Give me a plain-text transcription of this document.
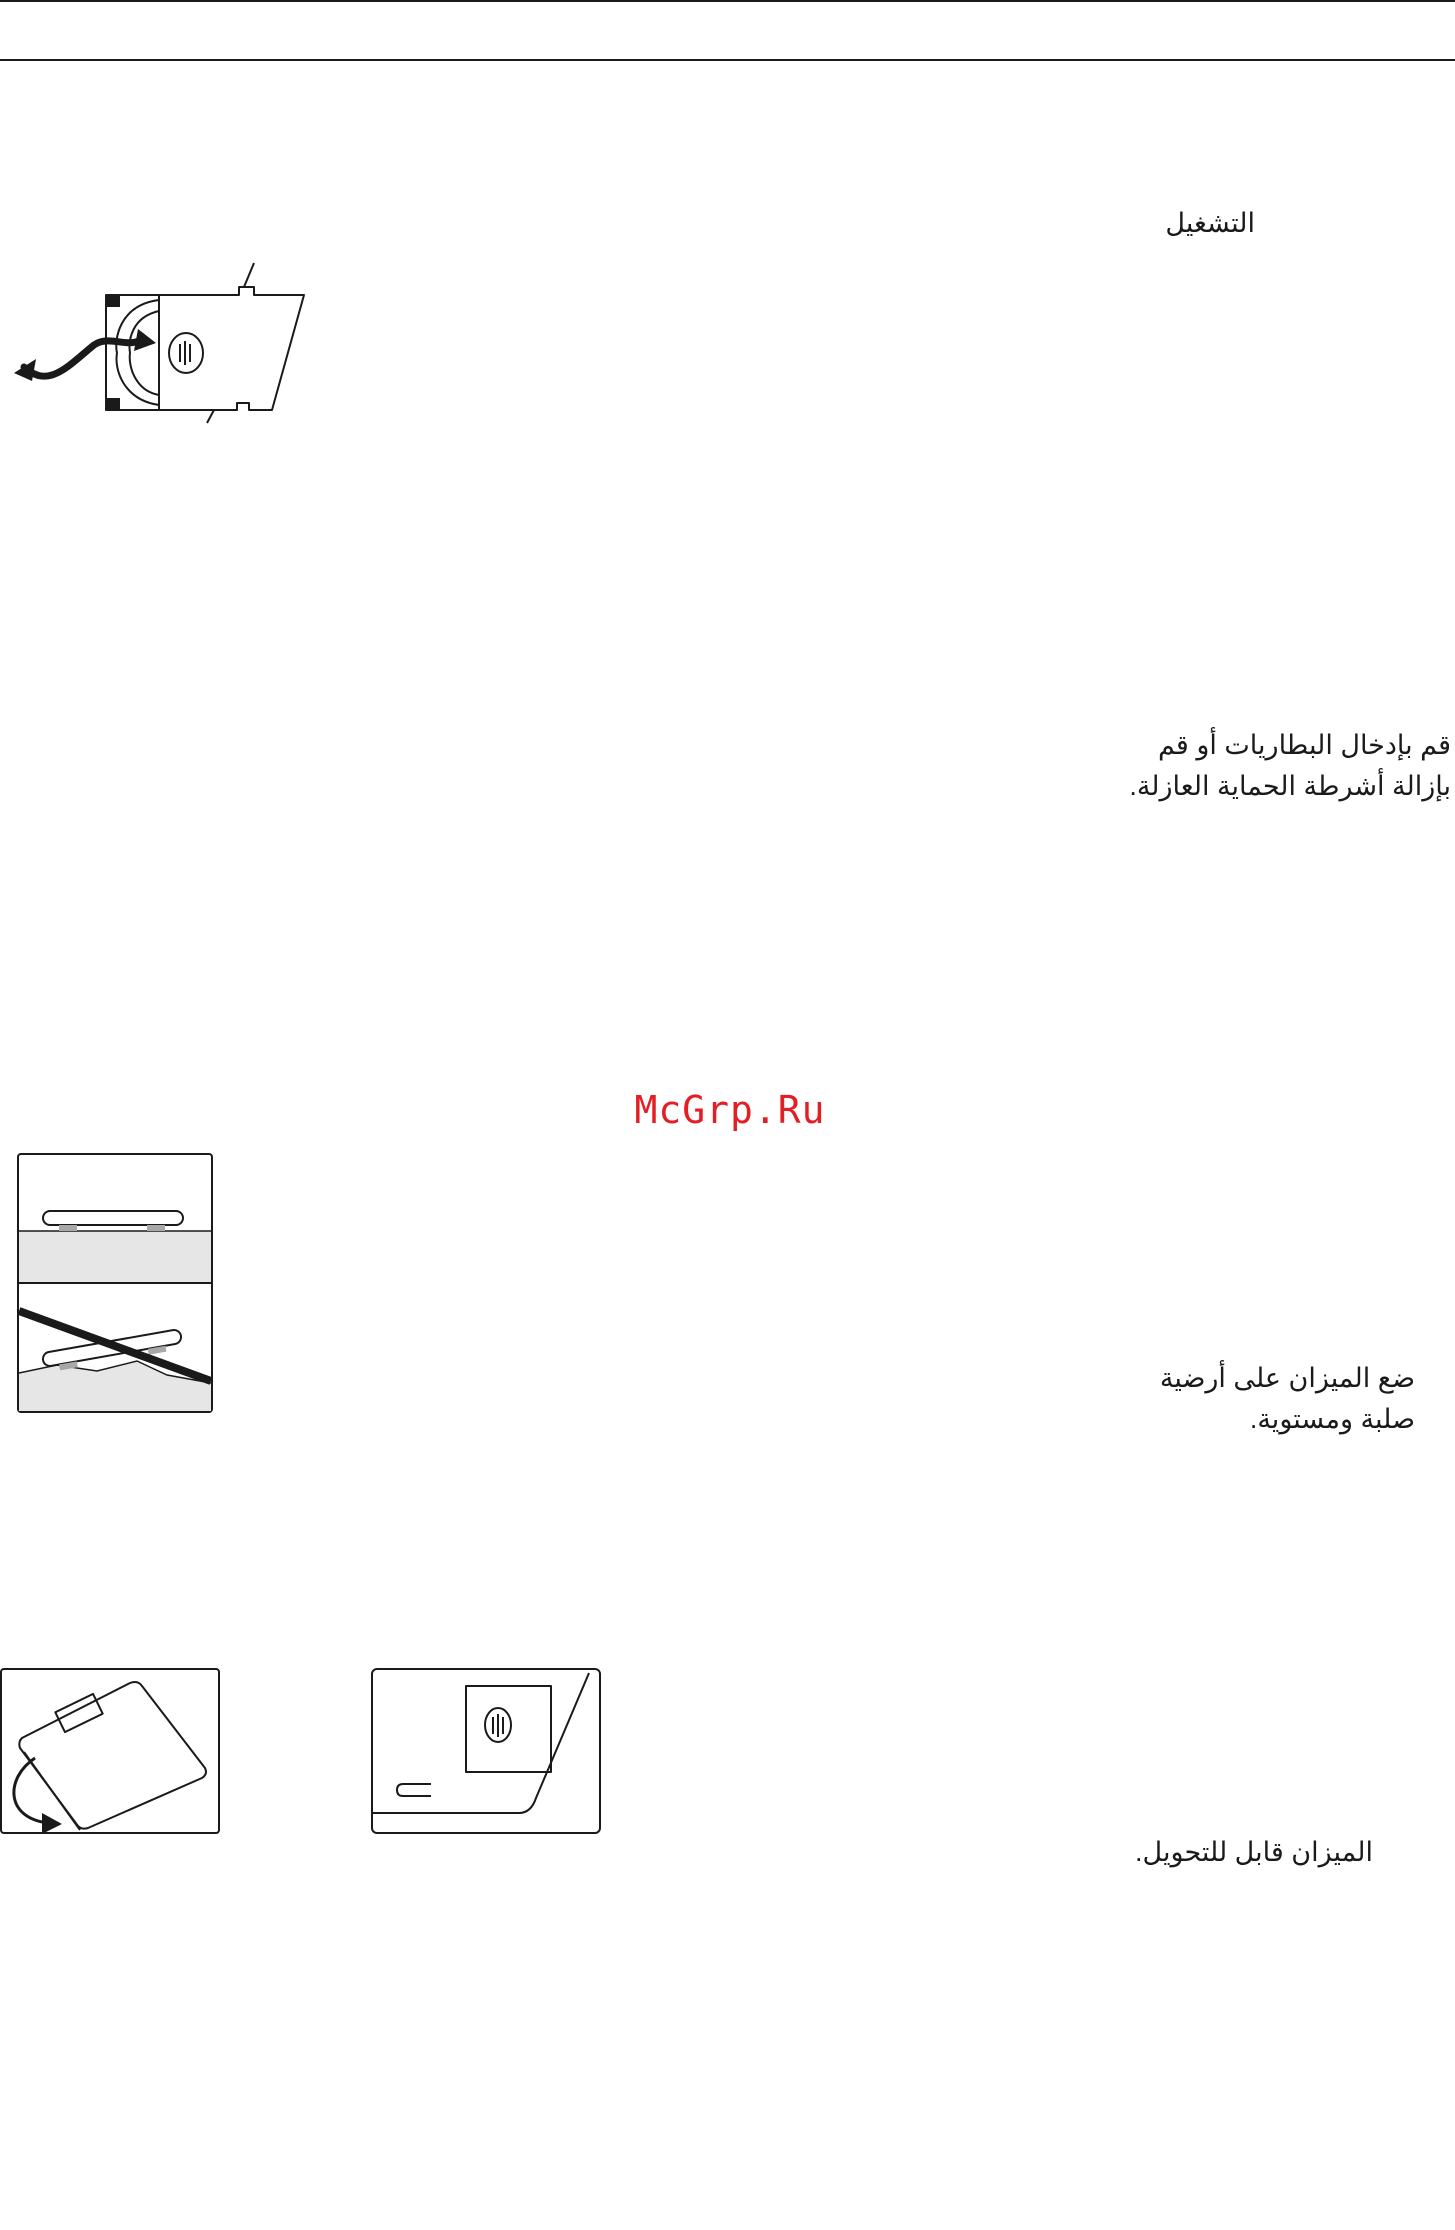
التشغيل
قم بإدخال البطاريات أو قم
بإزالة أشرطة الحماية العازلة.
McGrp.Ru
ضع الميزان على أرضية
صلبة ومستوية.
الميزان قابل للتحويل.
